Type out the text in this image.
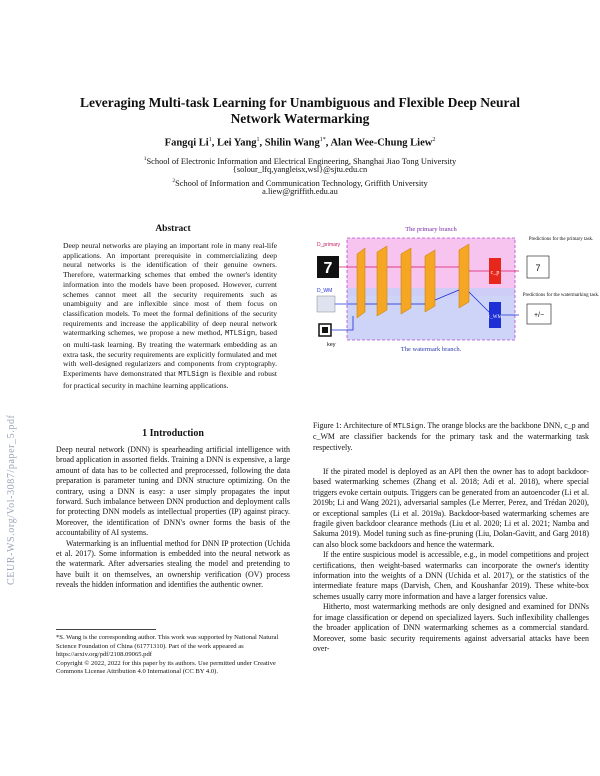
CEUR-WS.org/Vol-3087/paper_5.pdf
Leveraging Multi-task Learning for Unambiguous and Flexible Deep Neural
Network Watermarking
Fangqi Li$^1$, Lei Yang$^1$, Shilin Wang$^{1*}$, Alan Wee-Chung Liew$^2$
$^1$School of Electronic Information and Electrical Engineering, Shanghai Jiao Tong University
{solour_lfq,yangleisx,wsl}@sjtu.edu.cn
$^2$School of Information and Communication Technology, Griffith University
a.liew@griffith.edu.au
Abstract
Deep neural networks are playing an important role in many real-life applications. An important prerequisite in commercializing deep neural networks is the identification of their genuine owners. Therefore, watermarking schemes that embed the owner's identity information into the models have been proposed. However, current schemes cannot meet all the security requirements such as unambiguity and are inflexible since most of them focus on classification models. To meet the formal definitions of the security requirements and increase the applicability of deep neural network watermarking schemes, we propose a new method, MTLSign, based on multi-task learning. By treating the watermark embedding as an extra task, the security requirements are explicitly formulated and met with well-designed regularizers and components from cryptography. Experiments have demonstrated that MTLSign is flexible and robust for practical security in machine learning applications.
1 Introduction

Deep neural network (DNN) is spearheading artificial intelligence with broad application in assorted fields. Training a DNN is expensive, a large amount of data has to be collected and preprocessed, following the data preparation is parameter tuning and DNN structure optimizing. On the contrary, using a DNN is easy: a user simply propagates the input forward. Such imbalance between DNN production and deployment calls for protecting DNN models as intellectual properties (IP) against piracy. Moreover, the identification of DNN's owner forms the basis of the accountability of AI systems.

Watermarking is an influential method for DNN IP protection (Uchida et al. 2017). Some information is embedded into the neural network as the watermark. After adversaries stealing the model and pretending to have built it on themselves, an ownership verification (OV) process reveals the hidden information and identifies the authentic owner.

*S. Wang is the corresponding author. This work was supported by National Natural Science Foundation of China (61771310). Part of the work appeared as https://arxiv.org/pdf/2108.09065.pdf
Copyright © 2022, 2022 for this paper by its authors. Use permitted under Creative Commons License Attribution 4.0 International (CC BY 4.0).
The primary branch
The watermark branch.
D_primary
7
D_WM
key
c_p
c_WM
Predictions for the primary task.
7
Predictions for the watermarking task.
+/−
Figure 1: Architecture of MTLSign. The orange blocks are the backbone DNN, c_p and c_WM are classifier backends for the primary task and the watermarking task respectively.

If the pirated model is deployed as an API then the owner has to adopt backdoor-based watermarking schemes (Zhang et al. 2018; Adi et al. 2018), where special triggers evoke certain outputs. Triggers can be generated from an autoencoder (Li et al. 2019b; Li and Wang 2021), adversarial samples (Le Merrer, Perez, and Trédan 2020), or exceptional samples (Li et al. 2019a). Backdoor-based watermarking schemes are fragile given backdoor clearance methods (Liu et al. 2020; Li et al. 2021; Namba and Sakuma 2019). Model tuning such as fine-pruning (Liu, Dolan-Gavitt, and Garg 2018) can also block some backdoors and hence the watermark.

If the entire suspicious model is accessible, e.g., in model competitions and project certifications, then weight-based watermarks can incorporate the owner's identity information into the weights of a DNN (Uchida et al. 2017), or the statistics of the intermediate feature maps (Darvish, Chen, and Koushanfar 2019). These white-box schemes usually carry more information and have a larger forensics value.

Hitherto, most watermarking methods are only designed and examined for DNNs for image classification or depend on specialized layers. Such inflexibility challenges the broader application of DNN watermarking schemes as a commercial standard. Moreover, some basic security requirements against adversarial attacks have been over-
